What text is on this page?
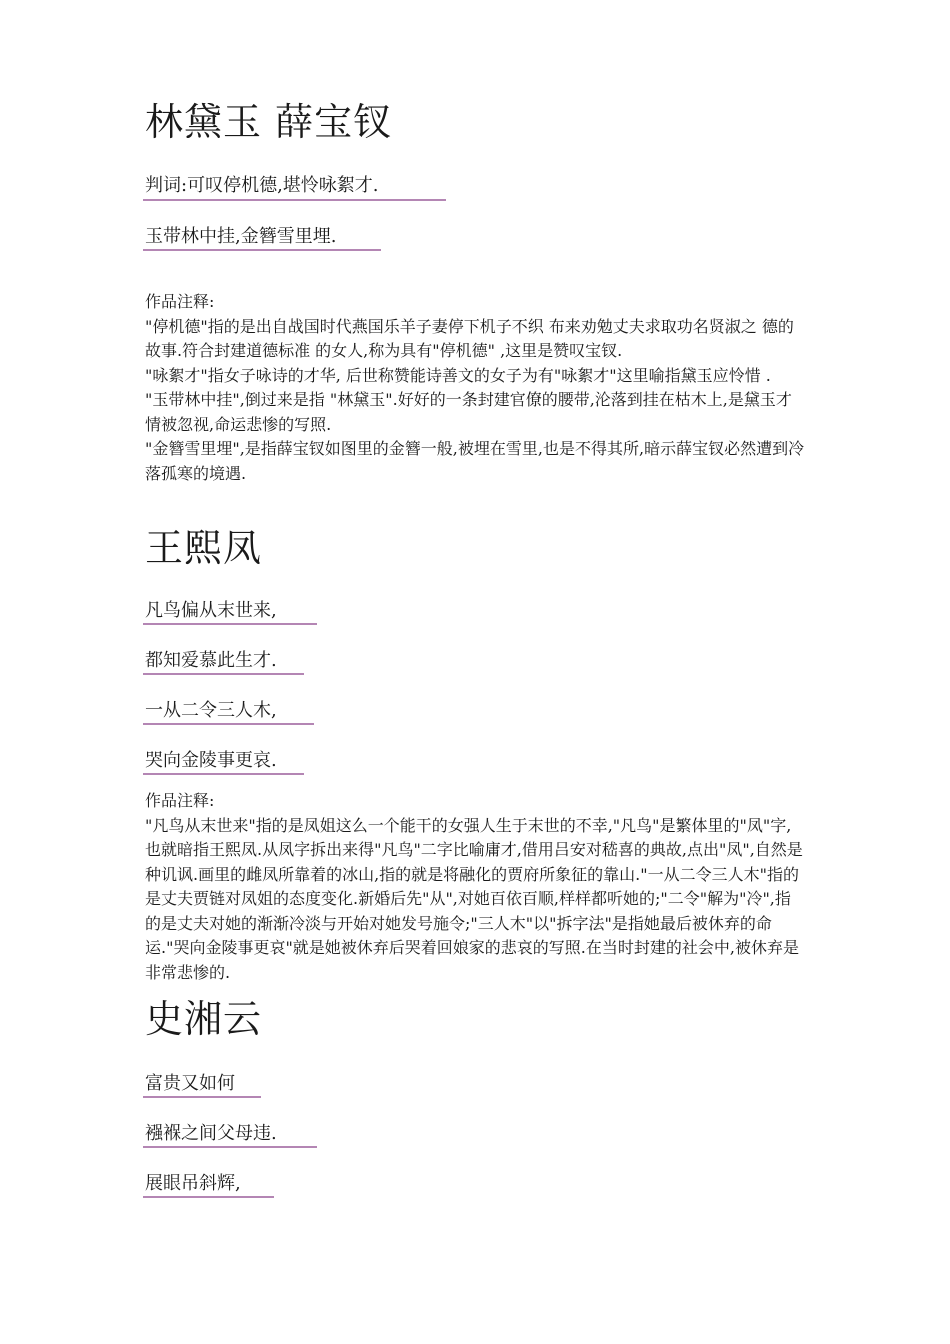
林黛玉 薛宝钗
判词:可叹停机德,堪怜咏絮才.
玉带林中挂,金簪雪里埋.

作品注释:

"停机德"指的是出自战国时代燕国乐羊子妻停下机子不织 布来劝勉丈夫求取功名贤淑之 德的故事.符合封建道德标准 的女人,称为具有"停机德" ,这里是赞叹宝钗.

"咏絮才"指女子咏诗的才华, 后世称赞能诗善文的女子为有"咏絮才"这里喻指黛玉应怜惜 .

"玉带林中挂",倒过来是指 "林黛玉".好好的一条封建官僚的腰带,沦落到挂在枯木上,是黛玉才情被忽视,命运悲惨的写照.

"金簪雪里埋",是指薛宝钗如图里的金簪一般,被埋在雪里,也是不得其所,暗示薛宝钗必然遭到冷落孤寒的境遇.

王熙凤
凡鸟偏从末世来,
都知爱慕此生才.
一从二令三人木,
哭向金陵事更哀.

作品注释:

"凡鸟从末世来"指的是凤姐这么一个能干的女强人生于末世的不幸,"凡鸟"是繁体里的"凤"字,也就暗指王熙凤.从凤字拆出来得"凡鸟"二字比喻庸才,借用吕安对嵇喜的典故,点出"凤",自然是种讥讽.画里的雌凤所靠着的冰山,指的就是将融化的贾府所象征的靠山."一从二令三人木"指的是丈夫贾链对凤姐的态度变化.新婚后先"从",对她百依百顺,样样都听她的;"二令"解为"冷",指的是丈夫对她的渐渐冷淡与开始对她发号施令;"三人木"以"拆字法"是指她最后被休弃的命运."哭向金陵事更哀"就是她被休弃后哭着回娘家的悲哀的写照.在当时封建的社会中,被休弃是非常悲惨的.

史湘云
富贵又如何
襁褓之间父母违.
展眼吊斜辉,
